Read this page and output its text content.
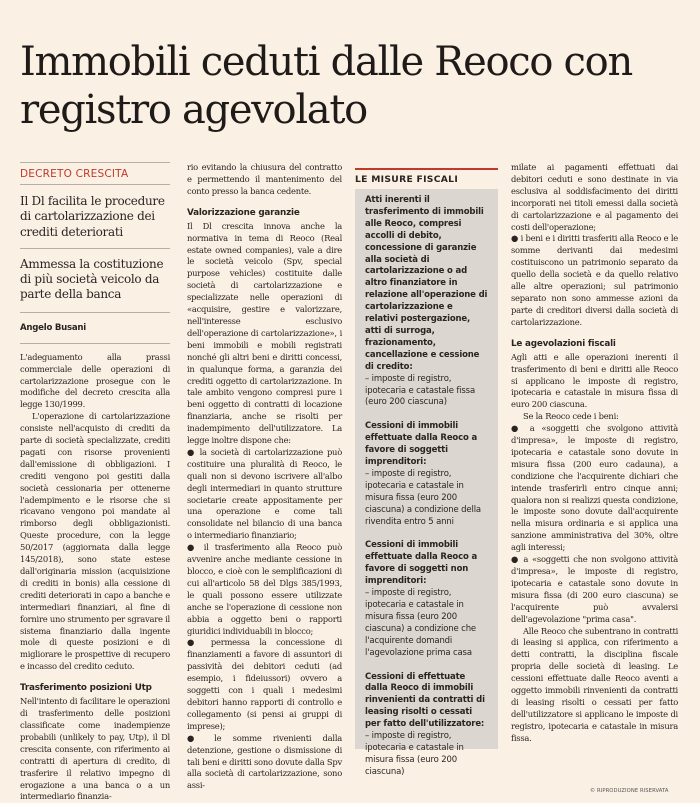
Immobili ceduti dalle Reoco con registro agevolato
DECRETO CRESCITA
Il Dl facilita le procedure di cartolarizzazione dei crediti deteriorati
Ammessa la costituzione di più società veicolo da parte della banca
Angelo Busani

L'adeguamento alla prassi commerciale delle operazioni di cartolarizzazione prosegue con le modifiche del decreto crescita alla legge 130/1999.

L'operazione di cartolarizzazione consiste nell'acquisto di crediti da parte di società specializzate, crediti pagati con risorse provenienti dall'emissione di obbligazioni. I crediti vengono poi gestiti dalla società cessionaria per ottenerne l'adempimento e le risorse che si ricavano vengono poi mandate al rimborso degli obbligazionisti. Queste procedure, con la legge 50/2017 (aggiornata dalla legge 145/2018), sono state estese dall'originaria mission (acquisizione di crediti in bonis) alla cessione di crediti deteriorati in capo a banche e intermediari finanziari, al fine di fornire uno strumento per sgravare il sistema finanziario dalla ingente mole di queste posizioni e di migliorare le prospettive di recupero e incasso del credito ceduto.

Trasferimento posizioni Utp

Nell'intento di facilitare le operazioni di trasferimento delle posizioni classificate come inadempienze probabili (unlikely to pay, Utp), il Dl crescita consente, con riferimento ai contratti di apertura di credito, di trasferire il relativo impegno di erogazione a una banca o a un intermediario finanzia-

rio evitando la chiusura del contratto e permettendo il mantenimento del conto presso la banca cedente.

Valorizzazione garanzie

Il Dl crescita innova anche la normativa in tema di Reoco (Real estate owned companies), vale a dire le società veicolo (Spv, special purpose vehicles) costituite dalle società di cartolarizzazione e specializzate nelle operazioni di «acquisire, gestire e valorizzare, nell'interesse esclusivo dell'operazione di cartolarizzazione», i beni immobili e mobili registrati nonché gli altri beni e diritti concessi, in qualunque forma, a garanzia dei crediti oggetto di cartolarizzazione. In tale ambito vengono compresi pure i beni oggetto di contratti di locazione finanziaria, anche se risolti per inadempimento dell'utilizzatore. La legge inoltre dispone che:

● la società di cartolarizzazione può costituire una pluralità di Reoco, le quali non si devono iscrivere all'albo degli intermediari in quanto strutture societarie create appositamente per una operazione e come tali consolidate nel bilancio di una banca o intermediario finanziario;

● il trasferimento alla Reoco può avvenire anche mediante cessione in blocco, e cioè con le semplificazioni di cui all'articolo 58 del Dlgs 385/1993, le quali possono essere utilizzate anche se l'operazione di cessione non abbia a oggetto beni o rapporti giuridici individuabili in blocco;

● permessa la concessione di finanziamenti a favore di assuntori di passività dei debitori ceduti (ad esempio, i fideiussori) ovvero a soggetti con i quali i medesimi debitori hanno rapporti di controllo e collegamento (si pensi ai gruppi di imprese);

● le somme rivenienti dalla detenzione, gestione o dismissione di tali beni e diritti sono dovute dalla Spv alla società di cartolarizzazione, sono assi-

LE MISURE FISCALI
Atti inerenti il trasferimento di immobili alle Reoco, compresi accolli di debito, concessione di garanzie alla società di cartolarizzazione o ad altro finanziatore in relazione all'operazione di cartolarizzazione e relativi postergazione, atti di surroga, frazionamento, cancellazione e cessione di credito:
– imposte di registro, ipotecaria e catastale fissa (euro 200 ciascuna)
Cessioni di immobili effettuate dalla Reoco a favore di soggetti imprenditori:
– imposte di registro, ipotecaria e catastale in misura fissa (euro 200 ciascuna) a condizione della rivendita entro 5 anni
Cessioni di immobili effettuate dalla Reoco a favore di soggetti non imprenditori:
– imposte di registro, ipotecaria e catastale in misura fissa (euro 200 ciascuna) a condizione che l'acquirente domandi l'agevolazione prima casa
Cessioni di effettuate dalla Reoco di immobili rinvenienti da contratti di leasing risolti o cessati per fatto dell'utilizzatore:
– imposte di registro, ipotecaria e catastale in misura fissa (euro 200 ciascuna)

milate ai pagamenti effettuati dai debitori ceduti e sono destinate in via esclusiva al soddisfacimento dei diritti incorporati nei titoli emessi dalla società di cartolarizzazione e al pagamento dei costi dell'operazione;

● i beni e i diritti trasferiti alla Reoco e le somme derivanti dai medesimi costituiscono un patrimonio separato da quello della società e da quello relativo alle altre operazioni; sul patrimonio separato non sono ammesse azioni da parte di creditori diversi dalla società di cartolarizzazione.

Le agevolazioni fiscali

Agli atti e alle operazioni inerenti il trasferimento di beni e diritti alle Reoco si applicano le imposte di registro, ipotecaria e catastale in misura fissa di euro 200 ciascuna.

Se la Reoco cede i beni:

● a «soggetti che svolgono attività d'impresa», le imposte di registro, ipotecaria e catastale sono dovute in misura fissa (200 euro cadauna), a condizione che l'acquirente dichiari che intende trasferirli entro cinque anni; qualora non si realizzi questa condizione, le imposte sono dovute dall'acquirente nella misura ordinaria e si applica una sanzione amministrativa del 30%, oltre agli interessi;

● a «soggetti che non svolgono attività d'impresa», le imposte di registro, ipotecaria e catastale sono dovute in misura fissa (di 200 euro ciascuna) se l'acquirente può avvalersi dell'agevolazione "prima casa".

Alle Reoco che subentrano in contratti di leasing si applica, con riferimento a detti contratti, la disciplina fiscale propria delle società di leasing. Le cessioni effettuate dalle Reoco aventi a oggetto immobili rinvenienti da contratti di leasing risolti o cessati per fatto dell'utilizzatore si applicano le imposte di registro, ipotecaria e catastale in misura fissa.

© RIPRODUZIONE RISERVATA
